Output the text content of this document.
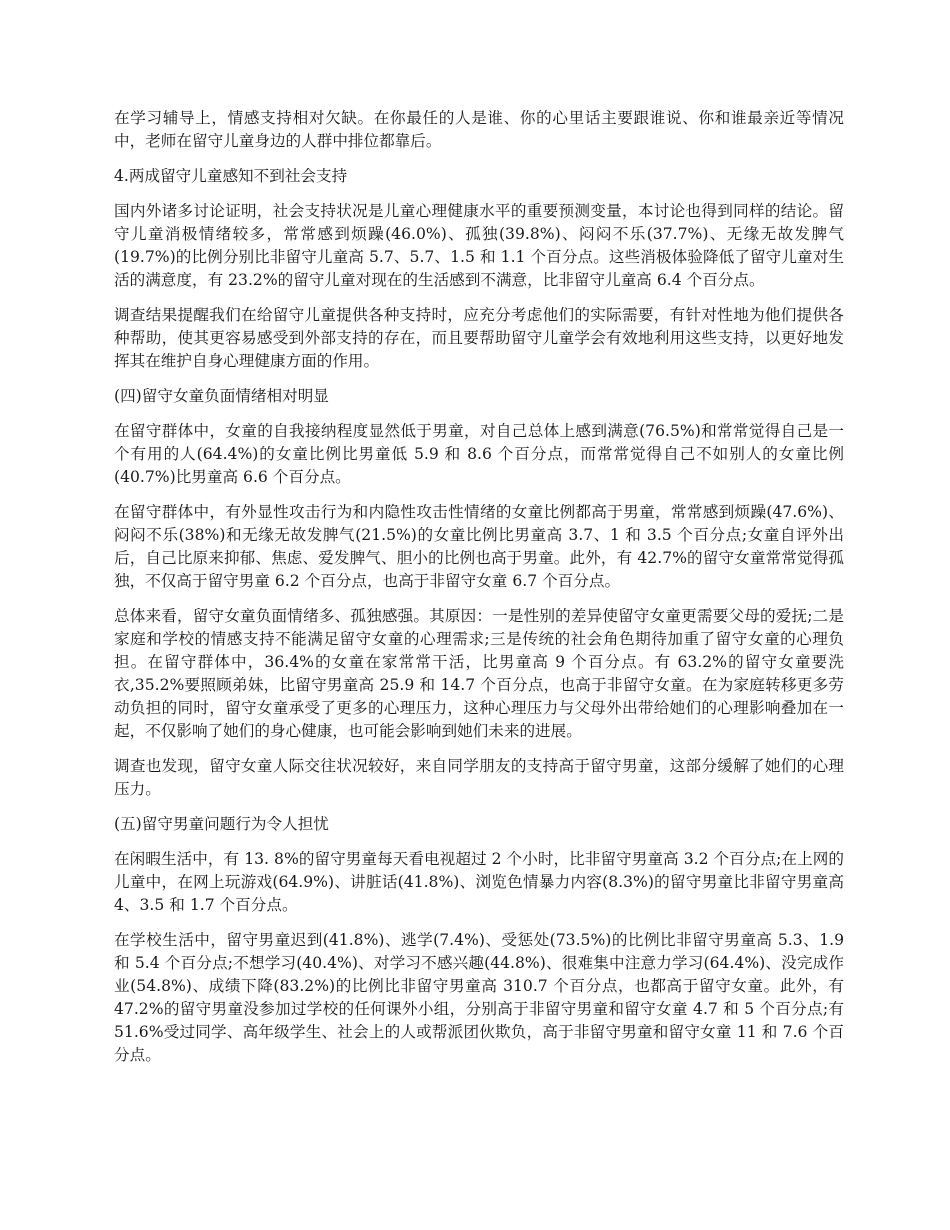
在学习辅导上，情感支持相对欠缺。在你最任的人是谁、你的心里话主要跟谁说、你和谁最亲近等情况中，老师在留守儿童身边的人群中排位都靠后。

4.两成留守儿童感知不到社会支持

国内外诸多讨论证明，社会支持状况是儿童心理健康水平的重要预测变量，本讨论也得到同样的结论。留守儿童消极情绪较多，常常感到烦躁(46.0%)、孤独(39.8%)、闷闷不乐(37.7%)、无缘无故发脾气(19.7%)的比例分别比非留守儿童高 5.7、5.7、1.5 和 1.1 个百分点。这些消极体验降低了留守儿童对生活的满意度，有 23.2%的留守儿童对现在的生活感到不满意，比非留守儿童高 6.4 个百分点。

调查结果提醒我们在给留守儿童提供各种支持时，应充分考虑他们的实际需要，有针对性地为他们提供各种帮助，使其更容易感受到外部支持的存在，而且要帮助留守儿童学会有效地利用这些支持，以更好地发挥其在维护自身心理健康方面的作用。

(四)留守女童负面情绪相对明显

在留守群体中，女童的自我接纳程度显然低于男童，对自己总体上感到满意(76.5%)和常常觉得自己是一个有用的人(64.4%)的女童比例比男童低 5.9 和 8.6 个百分点，而常常觉得自己不如别人的女童比例(40.7%)比男童高 6.6 个百分点。

在留守群体中，有外显性攻击行为和内隐性攻击性情绪的女童比例都高于男童，常常感到烦躁(47.6%)、闷闷不乐(38%)和无缘无故发脾气(21.5%)的女童比例比男童高 3.7、1 和 3.5 个百分点;女童自评外出后，自己比原来抑郁、焦虑、爱发脾气、胆小的比例也高于男童。此外，有 42.7%的留守女童常常觉得孤独，不仅高于留守男童 6.2 个百分点，也高于非留守女童 6.7 个百分点。

总体来看，留守女童负面情绪多、孤独感强。其原因：一是性别的差异使留守女童更需要父母的爱抚;二是家庭和学校的情感支持不能满足留守女童的心理需求;三是传统的社会角色期待加重了留守女童的心理负担。在留守群体中，36.4%的女童在家常常干活，比男童高 9 个百分点。有 63.2%的留守女童要洗衣,35.2%要照顾弟妹，比留守男童高 25.9 和 14.7 个百分点，也高于非留守女童。在为家庭转移更多劳动负担的同时，留守女童承受了更多的心理压力，这种心理压力与父母外出带给她们的心理影响叠加在一起，不仅影响了她们的身心健康，也可能会影响到她们未来的进展。

调查也发现，留守女童人际交往状况较好，来自同学朋友的支持高于留守男童，这部分缓解了她们的心理压力。

(五)留守男童问题行为令人担忧

在闲暇生活中，有 13. 8%的留守男童每天看电视超过 2 个小时，比非留守男童高 3.2 个百分点;在上网的儿童中，在网上玩游戏(64.9%)、讲脏话(41.8%)、浏览色情暴力内容(8.3%)的留守男童比非留守男童高 4、3.5 和 1.7 个百分点。

在学校生活中，留守男童迟到(41.8%)、逃学(7.4%)、受惩处(73.5%)的比例比非留守男童高 5.3、1.9 和 5.4 个百分点;不想学习(40.4%)、对学习不感兴趣(44.8%)、很难集中注意力学习(64.4%)、没完成作业(54.8%)、成绩下降(83.2%)的比例比非留守男童高 310.7 个百分点，也都高于留守女童。此外，有 47.2%的留守男童没参加过学校的任何课外小组，分别高于非留守男童和留守女童 4.7 和 5 个百分点;有 51.6%受过同学、高年级学生、社会上的人或帮派团伙欺负，高于非留守男童和留守女童 11 和 7.6 个百分点。
